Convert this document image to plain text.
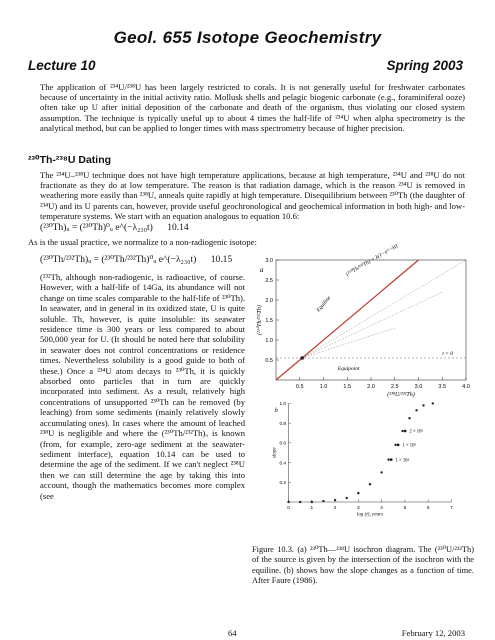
Geol. 655 Isotope Geochemistry
Lecture 10	Spring 2003
The application of ²³⁴U/²³⁸U has been largely restricted to corals. It is not generally useful for freshwater carbonates because of uncertainty in the initial activity ratio. Mollusk shells and pelagic biogenic carbonate (e.g., foraminiferal ooze) often take up U after initial deposition of the carbonate and death of the organism, thus violating our closed system assumption. The technique is typically useful up to about 4 times the half-life of ²³⁴U when alpha spectrometry is the analytical method, but can be applied to longer times with mass spectrometry because of higher precision.
²³⁰Th-²³⁸U Dating
The ²³⁴U–²³⁸U technique does not have high temperature applications, because at high temperature, ²³⁴U and ²³⁸U do not fractionate as they do at low temperature. The reason is that radiation damage, which is the reason ²³⁴U is removed in weathering more easily than ²³⁸U, anneals quite rapidly at high temperature. Disequilibrium between ²³⁰Th (the daughter of ²³⁴U) and its U parents can, however, provide useful geochronological and geochemical information in both high- and low-temperature systems. We start with an equation analogous to equation 10.6:
(²³⁰Th)ᵤ = (²³⁰Th)⁰ᵤ e^(−λ₂₃₀t) 10.14
As is the usual practice, we normalize to a non-radiogenic isotope:
(²³⁰Th/²³²Th)ᵤ = (²³⁰Th/²³²Th)⁰ᵤ e^(−λ₂₃₀t) 10.15
(²³²Th, although non-radiogenic, is radioactive, of course. However, with a half-life of 14Ga, its abundance will not change on time scales comparable to the half-life of ²³⁰Th). In seawater, and in general in its oxidized state, U is quite soluble. Th, however, is quite insoluble: its seawater residence time is 300 years or less compared to about 500,000 year for U. (It should be noted here that solubility in seawater does not control concentrations or residence times. Nevertheless solubility is a good guide to both of these.) Once a ²³⁴U atom decays to ²³⁰Th, it is quickly absorbed onto particles that in turn are quickly incorporated into sediment. As a result, relatively high concentrations of unsupported ²³⁰Th can be removed (by leaching) from some sediments (mainly relatively slowly accumulating ones). In cases where the amount of leached ²³⁸U is negligible and where the (²³⁰Th/²³²Th)ᵤ is known (from, for example, zero-age sediment at the seawater-sediment interface), equation 10.14 can be used to determine the age of the sediment. If we can't neglect ²³⁸U then we can still determine the age by taking this into account, though the mathematics becomes more complex (see
0.5	1.0	1.5	2.0	2.5	3.0	3.5	4.0
0.5
1.0
1.5
2.0
2.5
3.0
Equiline
Equipoint
t = 0
(²³⁰Th/²³²Th) = λ(1−e^−λt)
(²³⁰Th/²³²Th)
(²³⁸U/²³²Th)
a
0	1	2	3	4	5	6	7
0.2
0.4
0.6
0.8
1.0
2 × 10⁵
1 × 10⁵
1 × 10⁴
slope
log (t), years
b
Figure 10.3. (a) ²³⁰Th—²³⁸U isochron diagram. The (²³⁰U/²³²Th) of the source is given by the intersection of the isochron with the equiline. (b) shows how the slope changes as a function of time. After Faure (1986).
64	February 12, 2003
